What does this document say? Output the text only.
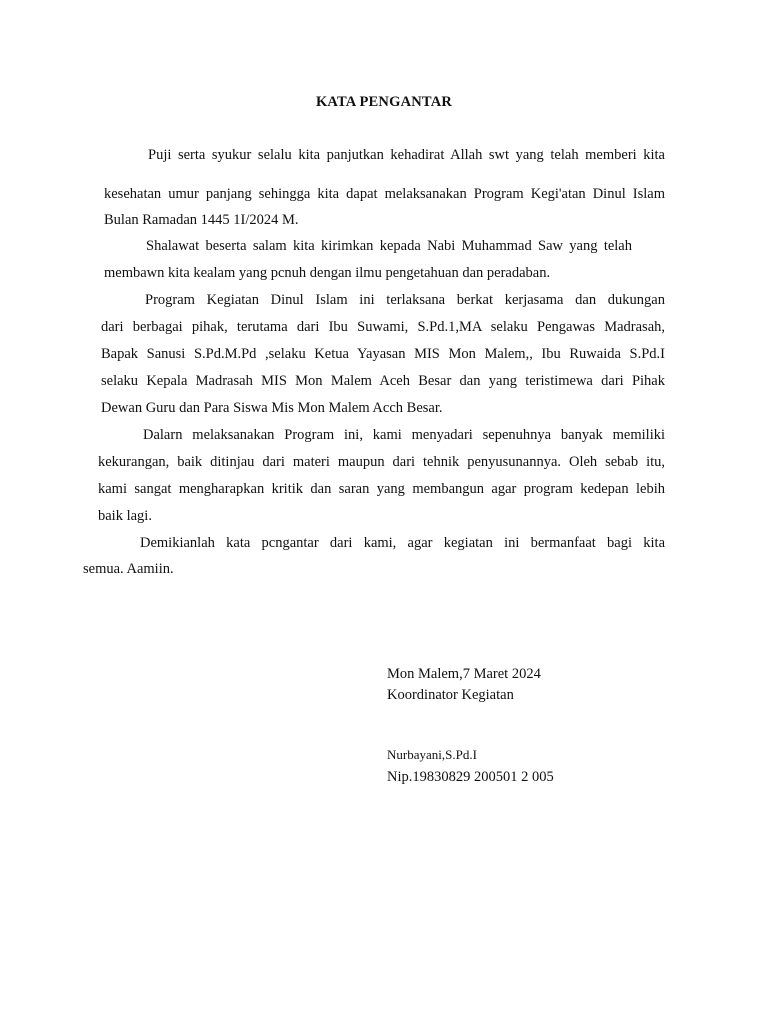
KATA PENGANTAR
Puji serta syukur selalu kita panjutkan kehadirat Allah swt yang telah memberi kita
kesehatan umur panjang sehingga kita dapat melaksanakan Program Kegi'atan Dinul Islam
Bulan Ramadan 1445 1I/2024 M.
Shalawat beserta salam kita kirimkan kepada Nabi Muhammad Saw yang telah
membawn kita kealam yang pcnuh dengan ilmu pengetahuan dan peradaban.
Program Kegiatan Dinul Islam ini terlaksana berkat kerjasama dan dukungan
dari berbagai pihak, terutama dari Ibu Suwami, S.Pd.1,MA selaku Pengawas Madrasah,
Bapak Sanusi S.Pd.M.Pd ,selaku Ketua Yayasan MIS Mon Malem,, Ibu Ruwaida S.Pd.I
selaku Kepala Madrasah MIS Mon Malem Aceh Besar dan yang teristimewa dari Pihak
Dewan Guru dan Para Siswa Mis Mon Malem Acch Besar.
Dalarn melaksanakan Program ini, kami menyadari sepenuhnya banyak memiliki
kekurangan, baik ditinjau dari materi maupun dari tehnik penyusunannya. Oleh sebab itu,
kami sangat mengharapkan kritik dan saran yang membangun agar program kedepan lebih
baik lagi.
Demikianlah kata pcngantar dari kami, agar kegiatan ini bermanfaat bagi kita
semua. Aamiin.
Mon Malem,7 Maret 2024
Koordinator Kegiatan
Nurbayani,S.Pd.I
Nip.19830829 200501 2 005
